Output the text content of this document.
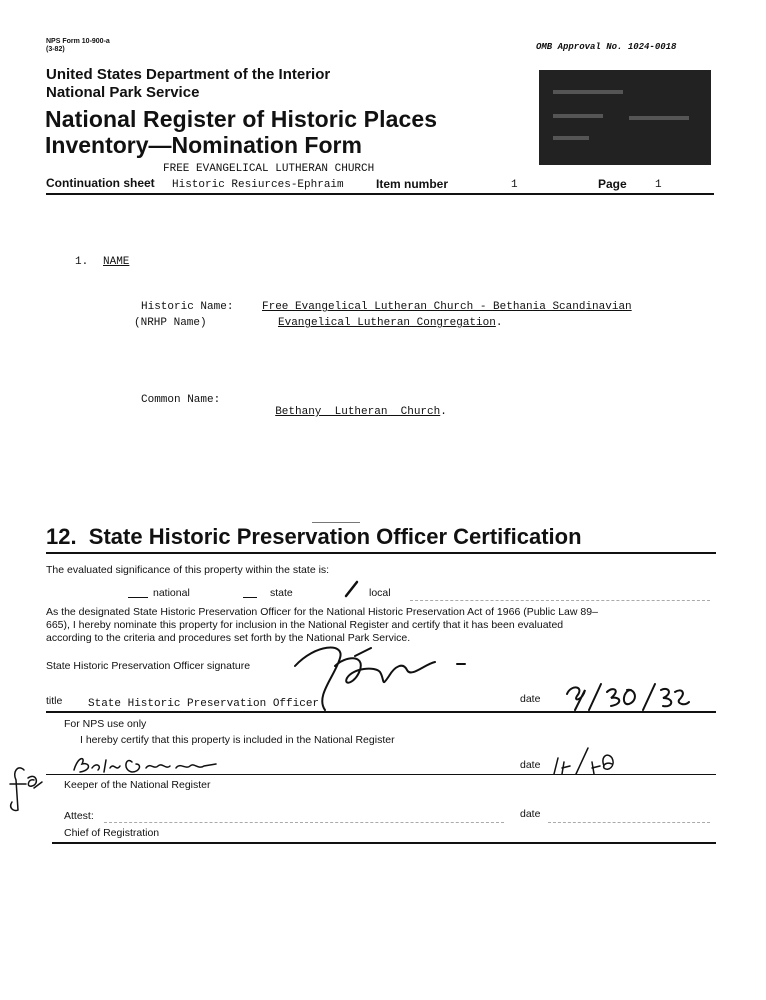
NPS Form 10-900-a
(3-82)	OMB Approval No. 1024-0018
United States Department of the Interior
National Park Service
National Register of Historic Places
Inventory—Nomination Form
FREE EVANGELICAL LUTHERAN CHURCH
Continuation sheet Historic Resiurces-Ephraim	Item number	1	Page	1
1. NAME
Historic Name:	Free Evangelical Lutheran Church - Bethania Scandinavian
(NRHP Name)	Evangelical Lutheran Congregation.
Common Name:

Bethany  Lutheran  Church.

12.  State Historic Preservation Officer Certification
The evaluated significance of this property within the state is:
national	state	local
As the designated State Historic Preservation Officer for the National Historic Preservation Act of 1966 (Public Law 89–
665), I hereby nominate this property for inclusion in the National Register and certify that it has been evaluated
according to the criteria and procedures set forth by the National Park Service.
State Historic Preservation Officer signature
title State Historic Preservation Officer	date
For NPS use only
I hereby certify that this property is included in the National Register
date
Keeper of the National Register
Attest:	date
Chief of Registration
